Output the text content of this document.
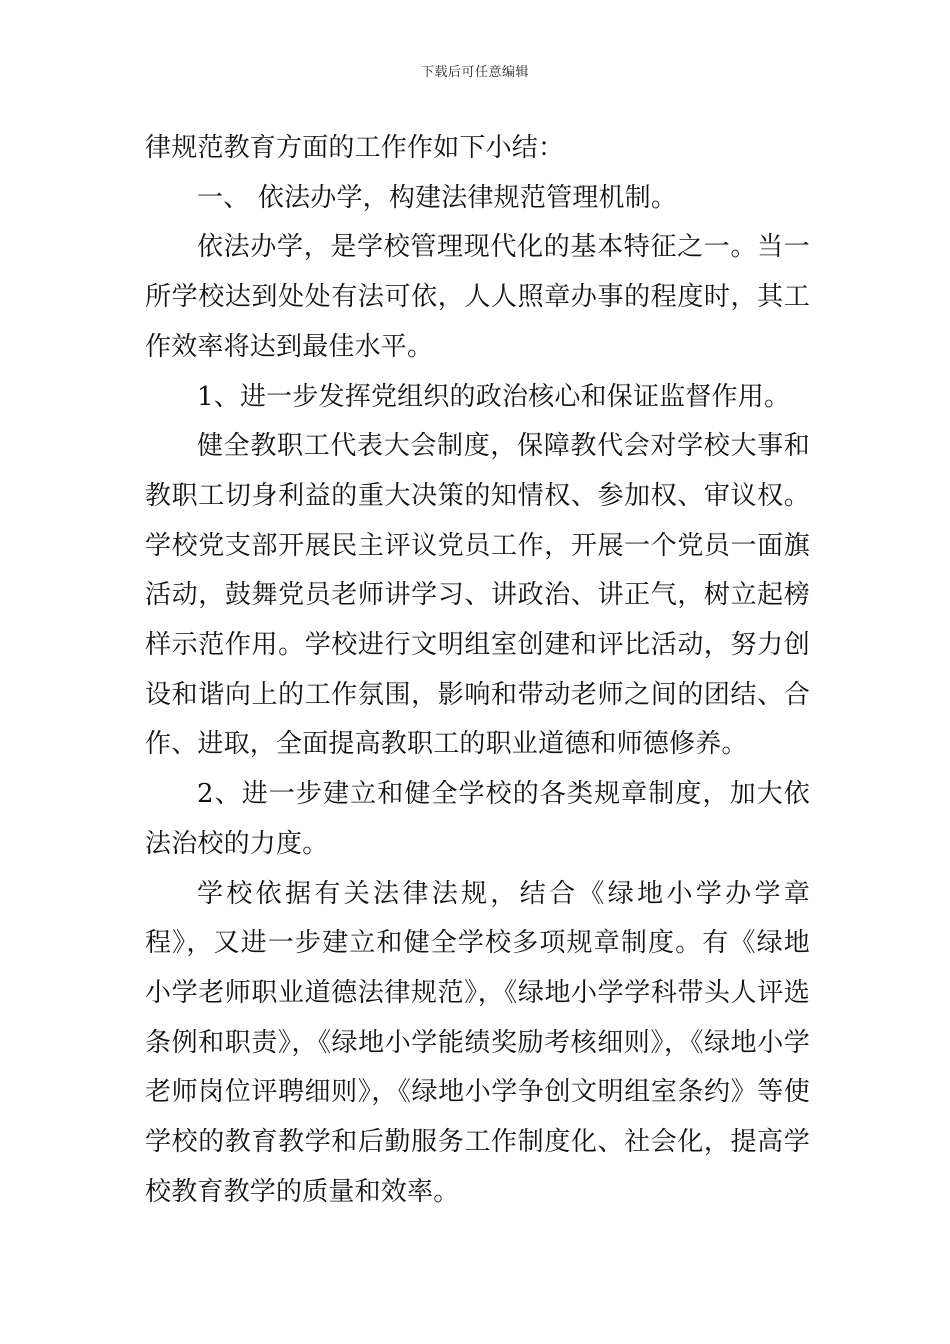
下载后可任意编辑

律规范教育方面的工作作如下小结：

一、 依法办学，构建法律规范管理机制。

依法办学，是学校管理现代化的基本特征之一。当一所学校达到处处有法可依，人人照章办事的程度时，其工作效率将达到最佳水平。

1、进一步发挥党组织的政治核心和保证监督作用。

健全教职工代表大会制度，保障教代会对学校大事和教职工切身利益的重大决策的知情权、参加权、审议权。学校党支部开展民主评议党员工作，开展一个党员一面旗活动，鼓舞党员老师讲学习、讲政治、讲正气，树立起榜样示范作用。学校进行文明组室创建和评比活动，努力创设和谐向上的工作氛围，影响和带动老师之间的团结、合作、进取，全面提高教职工的职业道德和师德修养。

2、进一步建立和健全学校的各类规章制度，加大依法治校的力度。

学校依据有关法律法规，结合《绿地小学办学章程》，又进一步建立和健全学校多项规章制度。有《绿地小学老师职业道德法律规范》，《绿地小学学科带头人评选条例和职责》，《绿地小学能绩奖励考核细则》，《绿地小学老师岗位评聘细则》，《绿地小学争创文明组室条约》等使学校的教育教学和后勤服务工作制度化、社会化，提高学校教育教学的质量和效率。
